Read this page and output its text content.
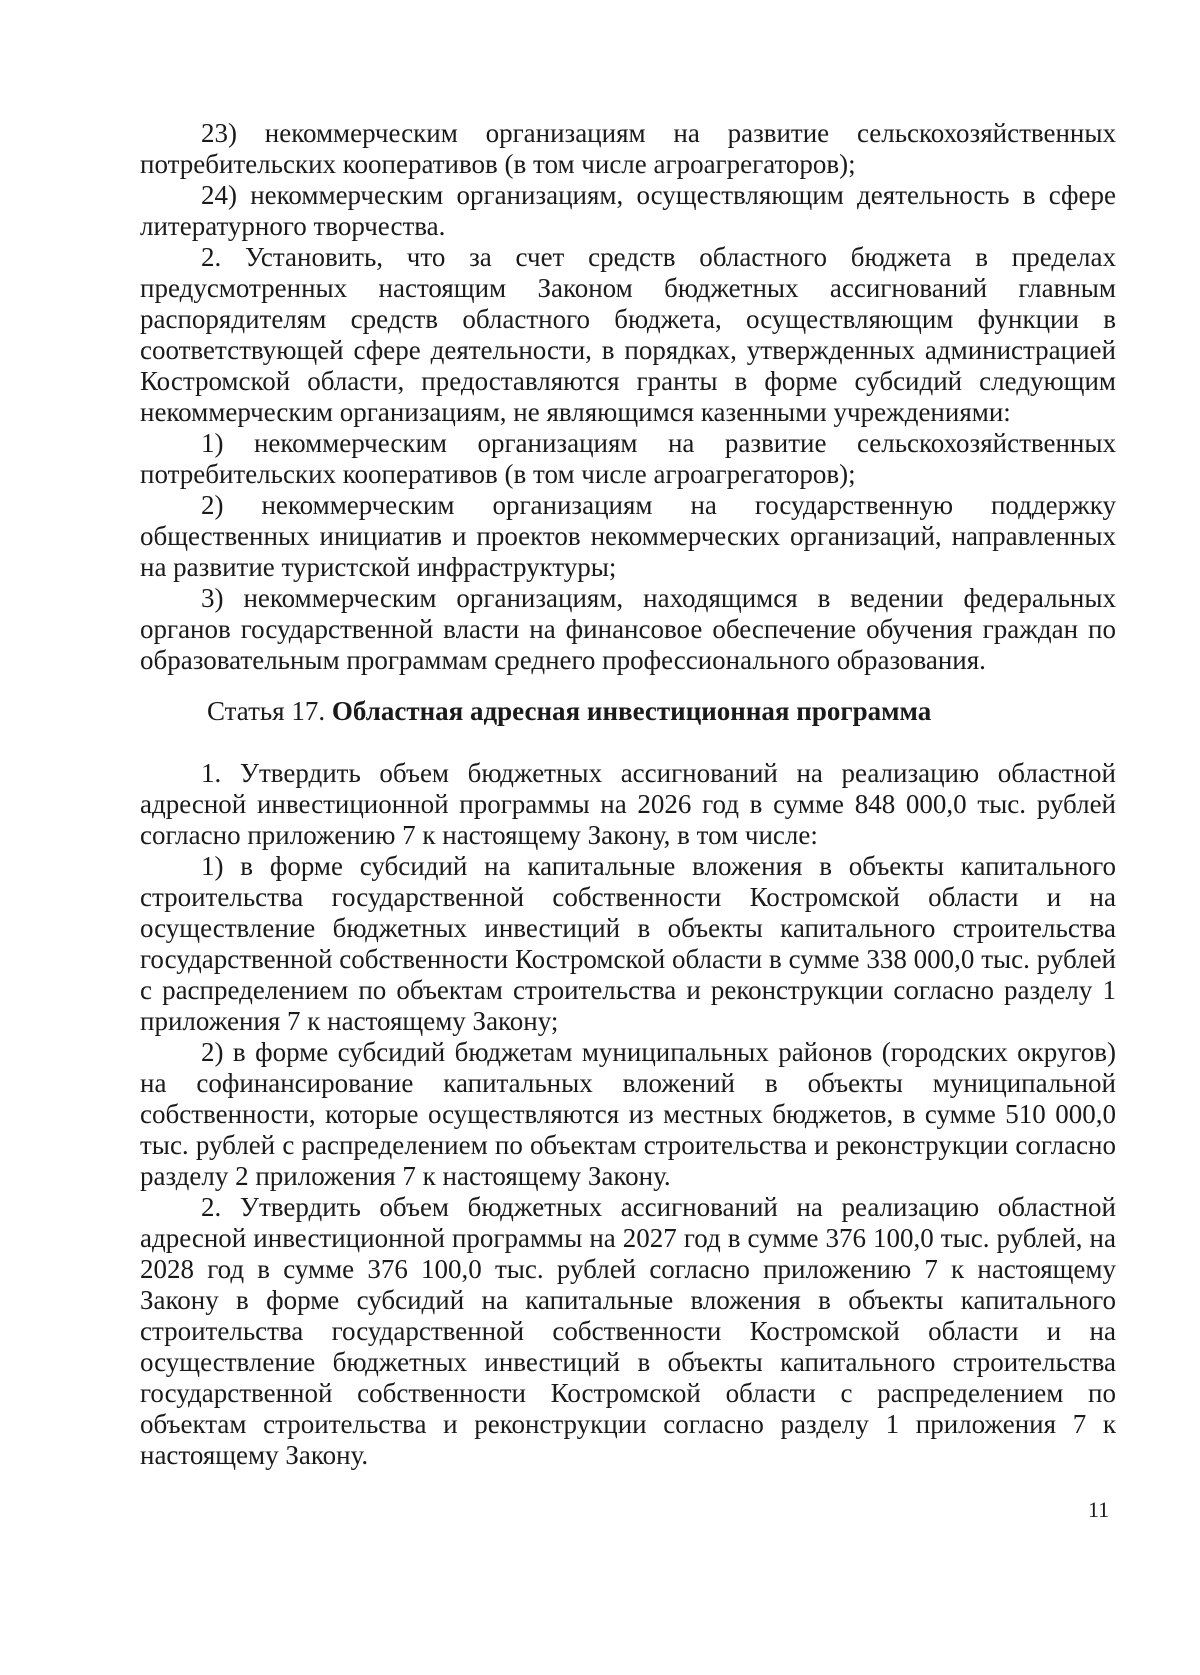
23) некоммерческим организациям на развитие сельскохозяйственных потребительских кооперативов (в том числе агроагрегаторов);

24) некоммерческим организациям, осуществляющим деятельность в сфере литературного творчества.

2. Установить, что за счет средств областного бюджета в пределах предусмотренных настоящим Законом бюджетных ассигнований главным распорядителям средств областного бюджета, осуществляющим функции в соответствующей сфере деятельности, в порядках, утвержденных администрацией Костромской области, предоставляются гранты в форме субсидий следующим некоммерческим организациям, не являющимся казенными учреждениями:

1) некоммерческим организациям на развитие сельскохозяйственных потребительских кооперативов (в том числе агроагрегаторов);

2) некоммерческим организациям на государственную поддержку общественных инициатив и проектов некоммерческих организаций, направленных на развитие туристской инфраструктуры;

3) некоммерческим организациям, находящимся в ведении федеральных органов государственной власти на финансовое обеспечение обучения граждан по образовательным программам среднего профессионального образования.

Статья 17. Областная адресная инвестиционная программа

1. Утвердить объем бюджетных ассигнований на реализацию областной адресной инвестиционной программы на 2026 год в сумме 848 000,0 тыс. рублей согласно приложению 7 к настоящему Закону, в том числе:

1) в форме субсидий на капитальные вложения в объекты капитального строительства государственной собственности Костромской области и на осуществление бюджетных инвестиций в объекты капитального строительства государственной собственности Костромской области в сумме 338 000,0 тыс. рублей с распределением по объектам строительства и реконструкции согласно разделу 1 приложения 7 к настоящему Закону;

2) в форме субсидий бюджетам муниципальных районов (городских округов) на софинансирование капитальных вложений в объекты муниципальной собственности, которые осуществляются из местных бюджетов, в сумме 510 000,0 тыс. рублей с распределением по объектам строительства и реконструкции согласно разделу 2 приложения 7 к настоящему Закону.

2. Утвердить объем бюджетных ассигнований на реализацию областной адресной инвестиционной программы на 2027 год в сумме 376 100,0 тыс. рублей, на 2028 год в сумме 376 100,0 тыс. рублей согласно приложению 7 к настоящему Закону в форме субсидий на капитальные вложения в объекты капитального строительства государственной собственности Костромской области и на осуществление бюджетных инвестиций в объекты капитального строительства государственной собственности Костромской области с распределением по объектам строительства и реконструкции согласно разделу 1 приложения 7 к настоящему Закону.

11
